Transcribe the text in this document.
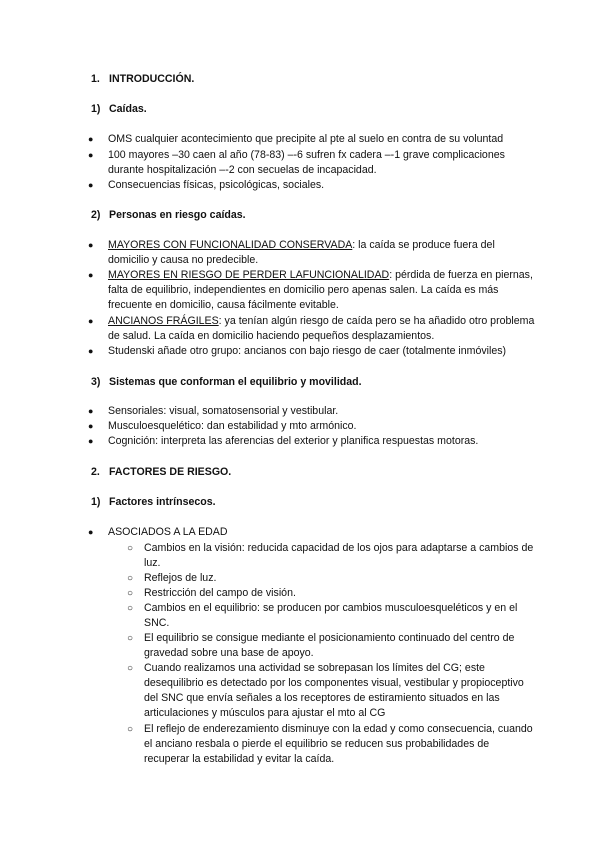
1. INTRODUCCIÓN.
1) Caídas.
● OMS cualquier acontecimiento que precipite al pte al suelo en contra de su voluntad
● 100 mayores –30 caen al año (78-83) –-6 sufren fx cadera –-1 grave complicaciones durante hospitalización –-2 con secuelas de incapacidad.
● Consecuencias físicas, psicológicas, sociales.
2) Personas en riesgo caídas.
● MAYORES CON FUNCIONALIDAD CONSERVADA: la caída se produce fuera del domicilio y causa no predecible.
● MAYORES EN RIESGO DE PERDER LAFUNCIONALIDAD: pérdida de fuerza en piernas, falta de equilibrio, independientes en domicilio pero apenas salen. La caída es más frecuente en domicilio, causa fácilmente evitable.
● ANCIANOS FRÁGILES: ya tenían algún riesgo de caída pero se ha añadido otro problema de salud. La caída en domicilio haciendo pequeños desplazamientos.
● Studenski añade otro grupo: ancianos con bajo riesgo de caer (totalmente inmóviles)
3) Sistemas que conforman el equilibrio y movilidad.
● Sensoriales: visual, somatosensorial y vestibular.
● Musculoesquelético: dan estabilidad y mto armónico.
● Cognición: interpreta las aferencias del exterior y planifica respuestas motoras.
2. FACTORES DE RIESGO.
1) Factores intrínsecos.
● ASOCIADOS A LA EDAD
○ Cambios en la visión: reducida capacidad de los ojos para adaptarse a cambios de luz.
○ Reflejos de luz.
○ Restricción del campo de visión.
○ Cambios en el equilibrio: se producen por cambios musculoesqueléticos y en el SNC.
○ El equilibrio se consigue mediante el posicionamiento continuado del centro de gravedad sobre una base de apoyo.
○ Cuando realizamos una actividad se sobrepasan los límites del CG; este desequilibrio es detectado por los componentes visual, vestibular y propioceptivo del SNC que envía señales a los receptores de estiramiento situados en las articulaciones y músculos para ajustar el mto al CG
○ El reflejo de enderezamiento disminuye con la edad y como consecuencia, cuando el anciano resbala o pierde el equilibrio se reducen sus probabilidades de recuperar la estabilidad y evitar la caída.
